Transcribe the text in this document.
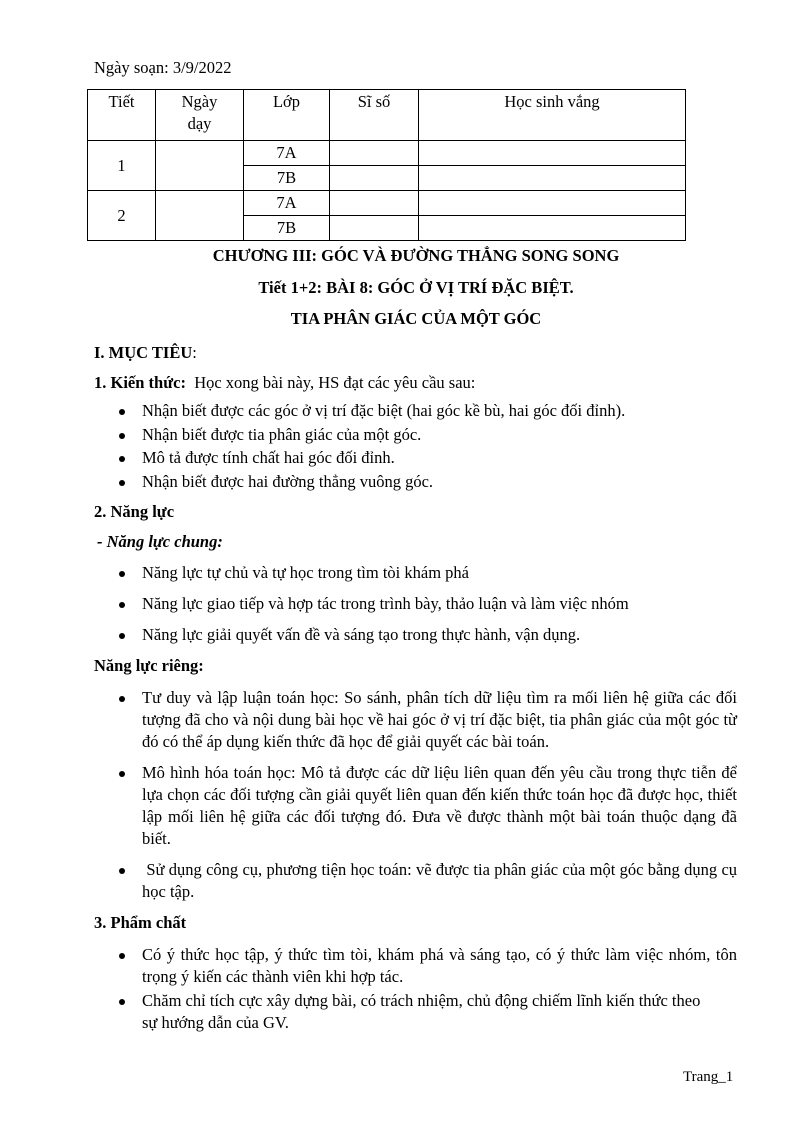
Ngày soạn: 3/9/2022
Tiết	Ngày dạy	Lớp	Sĩ số	Học sinh vắng
1		7A		
		7B		
2		7A		
		7B		
CHƯƠNG III: GÓC VÀ ĐƯỜNG THẲNG SONG SONG
Tiết 1+2: BÀI 8: GÓC Ở VỊ TRÍ ĐẶC BIỆT.
TIA PHÂN GIÁC CỦA MỘT GÓC
I. MỤC TIÊU:
1. Kiến thức: Học xong bài này, HS đạt các yêu cầu sau:
Nhận biết được các góc ở vị trí đặc biệt (hai góc kề bù, hai góc đối đỉnh).
Nhận biết được tia phân giác của một góc.
Mô tả được tính chất hai góc đối đỉnh.
Nhận biết được hai đường thẳng vuông góc.
2. Năng lực
- Năng lực chung:
Năng lực tự chủ và tự học trong tìm tòi khám phá
Năng lực giao tiếp và hợp tác trong trình bày, thảo luận và làm việc nhóm
Năng lực giải quyết vấn đề và sáng tạo trong thực hành, vận dụng.
Năng lực riêng:
Tư duy và lập luận toán học: So sánh, phân tích dữ liệu tìm ra mối liên hệ giữa các đối tượng đã cho và nội dung bài học về hai góc ở vị trí đặc biệt, tia phân giác của một góc từ đó có thể áp dụng kiến thức đã học để giải quyết các bài toán.
Mô hình hóa toán học: Mô tả được các dữ liệu liên quan đến yêu cầu trong thực tiễn để lựa chọn các đối tượng cần giải quyết liên quan đến kiến thức toán học đã được học, thiết lập mối liên hệ giữa các đối tượng đó. Đưa về được thành một bài toán thuộc dạng đã biết.
Sử dụng công cụ, phương tiện học toán: vẽ được tia phân giác của một góc bằng dụng cụ học tập.
3. Phẩm chất
Có ý thức học tập, ý thức tìm tòi, khám phá và sáng tạo, có ý thức làm việc nhóm, tôn trọng ý kiến các thành viên khi hợp tác.
Chăm chỉ tích cực xây dựng bài, có trách nhiệm, chủ động chiếm lĩnh kiến thức theo sự hướng dẫn của GV.
Trang_1
